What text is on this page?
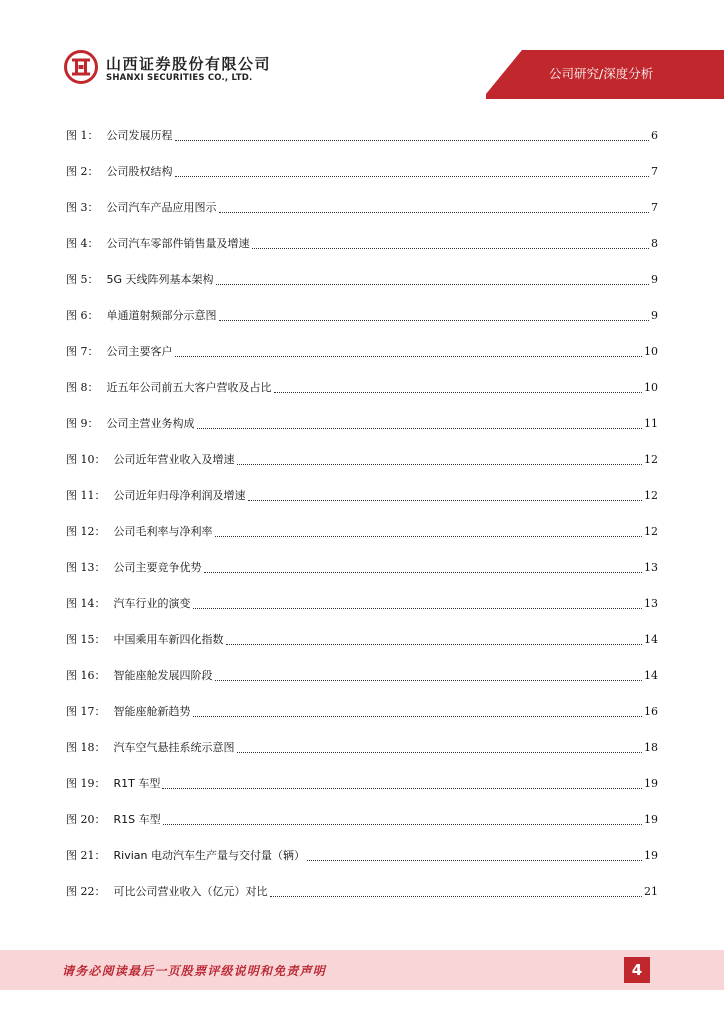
山西证券股份有限公司
SHANXI SECURITIES CO., LTD.	公司研究/深度分析
图 1： 公司发展历程	6
图 2： 公司股权结构	7
图 3： 公司汽车产品应用图示	7
图 4： 公司汽车零部件销售量及增速	8
图 5： 5G 天线阵列基本架构	9
图 6： 单通道射频部分示意图	9
图 7： 公司主要客户	10
图 8： 近五年公司前五大客户营收及占比	10
图 9： 公司主营业务构成	11
图 10： 公司近年营业收入及增速	12
图 11： 公司近年归母净利润及增速	12
图 12： 公司毛利率与净利率	12
图 13： 公司主要竞争优势	13
图 14： 汽车行业的演变	13
图 15： 中国乘用车新四化指数	14
图 16： 智能座舱发展四阶段	14
图 17： 智能座舱新趋势	16
图 18： 汽车空气悬挂系统示意图	18
图 19： R1T 车型	19
图 20： R1S 车型	19
图 21： Rivian 电动汽车生产量与交付量（辆）	19
图 22： 可比公司营业收入（亿元）对比	21
请务必阅读最后一页股票评级说明和免责声明	4
